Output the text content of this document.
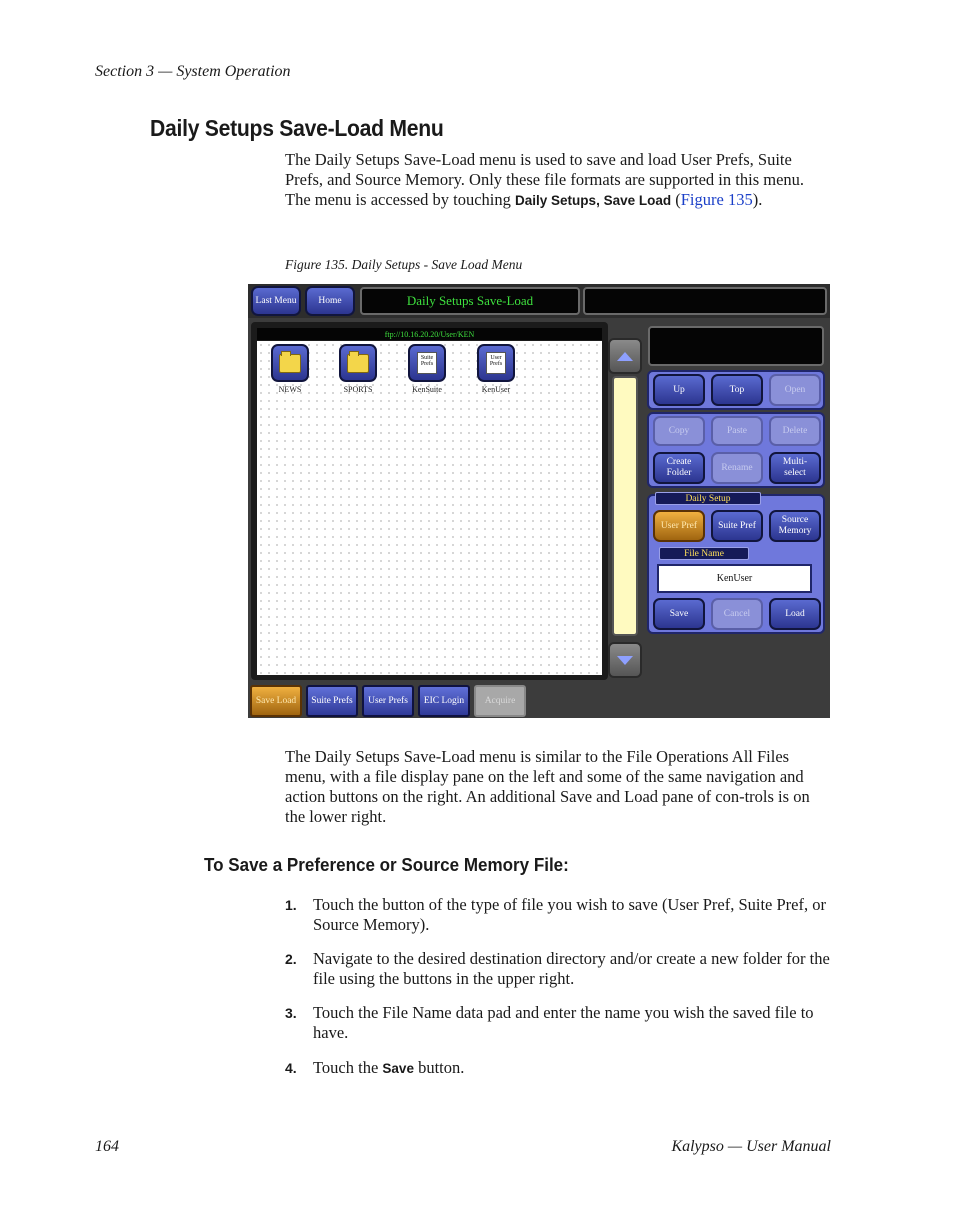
Section 3 — System Operation
Daily Setups Save-Load Menu
The Daily Setups Save-Load menu is used to save and load User Prefs, Suite Prefs, and Source Memory. Only these file formats are supported in this menu. The menu is accessed by touching Daily Setups, Save Load (Figure 135).
Figure 135. Daily Setups - Save Load Menu
Last Menu	Home	Daily Setups Save-Load
ftp://10.16.20.20/User/KEN
NEWS	SPORTS
Suite Prefs
KenSuite
User Prefs
KenUser	Up	Top	Open
Copy	Paste	Delete
Create Folder
Rename
Multi- select
Daily Setup
User Pref	Suite Pref
Source Memory
File Name
KenUser
Save	Cancel	Load
Save Load	Suite Prefs	User Prefs	EIC Login	Acquire
The Daily Setups Save-Load menu is similar to the File Operations All Files menu, with a file display pane on the left and some of the same navigation and action buttons on the right. An additional Save and Load pane of con-trols is on the lower right.
To Save a Preference or Source Memory File:
1. Touch the button of the type of file you wish to save (User Pref, Suite Pref, or Source Memory).
2. Navigate to the desired destination directory and/or create a new folder for the file using the buttons in the upper right.
3. Touch the File Name data pad and enter the name you wish the saved file to have.
4. Touch the Save button.
164	Kalypso — User Manual
